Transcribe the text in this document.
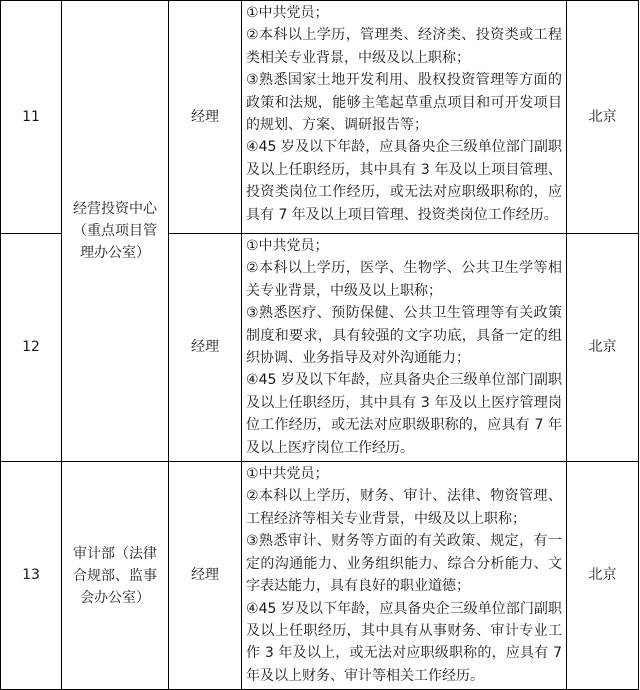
11	经营投资中心（重点项目管理办公室）	经理	①中共党员；
②本科以上学历，管理类、经济类、投资类或工程类相关专业背景，中级及以上职称；
③熟悉国家土地开发利用、股权投资管理等方面的政策和法规，能够主笔起草重点项目和可开发项目的规划、方案、调研报告等；
④45 岁及以下年龄，应具备央企三级单位部门副职及以上任职经历，其中具有 3 年及以上项目管理、投资类岗位工作经历，或无法对应职级职称的，应具有 7 年及以上项目管理、投资类岗位工作经历。	北京
12		经理	①中共党员；
②本科以上学历，医学、生物学、公共卫生学等相关专业背景，中级及以上职称；
③熟悉医疗、预防保健、公共卫生管理等有关政策制度和要求，具有较强的文字功底，具备一定的组织协调、业务指导及对外沟通能力；
④45 岁及以下年龄，应具备央企三级单位部门副职及以上任职经历，其中具有 3 年及以上医疗管理岗位工作经历，或无法对应职级职称的，应具有 7 年及以上医疗岗位工作经历。	北京
13	审计部（法律合规部、监事会办公室）	经理	①中共党员；
②本科以上学历，财务、审计、法律、物资管理、工程经济等相关专业背景，中级及以上职称；
③熟悉审计、财务等方面的有关政策、规定，有一定的沟通能力、业务组织能力、综合分析能力、文字表达能力，具有良好的职业道德；
④45 岁及以下年龄，应具备央企三级单位部门副职及以上任职经历，其中具有从事财务、审计专业工作 3 年及以上，或无法对应职级职称的，应具有 7 年及以上财务、审计等相关工作经历。	北京
